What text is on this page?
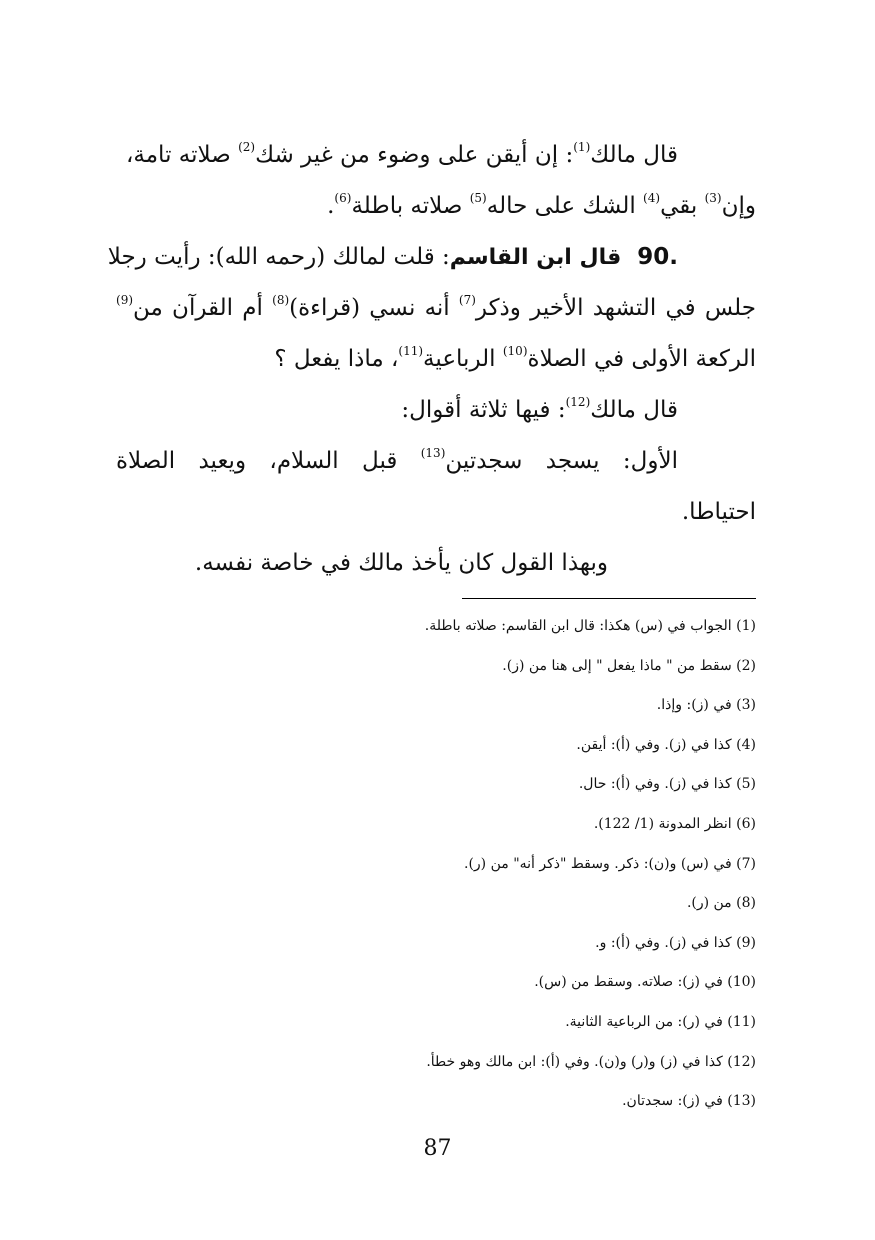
قال مالك$^{(1)}$: إن أيقن على وضوء من غير شك$^{(2)}$ صلاته تامة،
وإن$^{(3)}$ بقي$^{(4)}$ الشك على حاله$^{(5)}$ صلاته باطلة$^{(6)}$.
90.قال ابن القاسم: قلت لمالك (رحمه الله): رأيت رجلا
جلس في التشهد الأخير وذكر$^{(7)}$ أنه نسي (قراءة)$^{(8)}$ أم القرآن من$^{(9)}$
الركعة الأولى في الصلاة$^{(10)}$ الرباعية$^{(11)}$، ماذا يفعل ؟
قال مالك$^{(12)}$: فيها ثلاثة أقوال:
الأول: يسجد سجدتين$^{(13)}$ قبل السلام، ويعيد الصلاة
احتياطا.
وبهذا القول كان يأخذ مالك في خاصة نفسه.
(1) الجواب في (س) هكذا: قال ابن القاسم: صلاته باطلة.
(2) سقط من " ماذا يفعل " إلى هنا من (ز).
(3) في (ز): وإذا.
(4) كذا في (ز). وفي (أ): أيقن.
(5) كذا في (ز). وفي (أ): حال.
(6) انظر المدونة (1/ 122).
(7) في (س) و(ن): ذكر. وسقط "ذكر أنه" من (ر).
(8) من (ر).
(9) كذا في (ز). وفي (أ): و.
(10) في (ز): صلاته. وسقط من (س).
(11) في (ر): من الرباعية الثانية.
(12) كذا في (ز) و(ر) و(ن). وفي (أ): ابن مالك وهو خطأ.
(13) في (ز): سجدتان.
87
